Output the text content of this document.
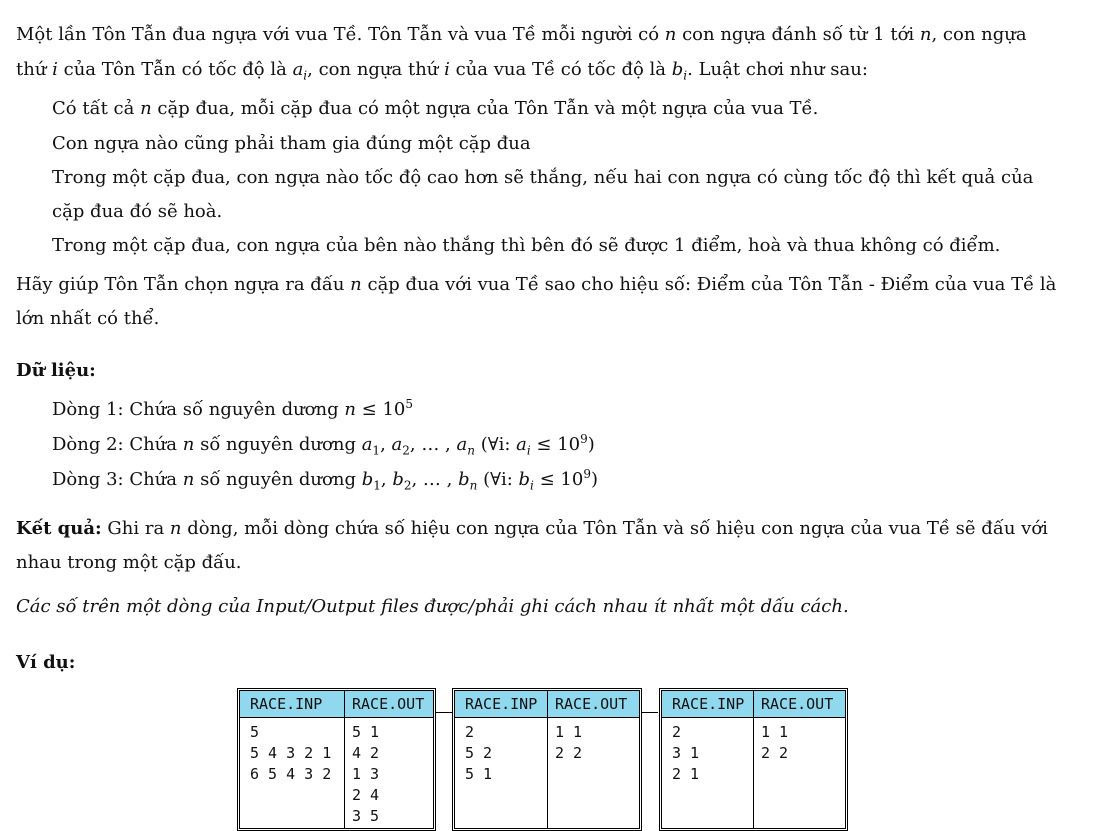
Một lần Tôn Tẫn đua ngựa với vua Tề. Tôn Tẫn và vua Tề mỗi người có n con ngựa đánh số từ 1 tới n, con ngựa
thứ i của Tôn Tẫn có tốc độ là $a_i$, con ngựa thứ i của vua Tề có tốc độ là $b_i$. Luật chơi như sau:
Có tất cả n cặp đua, mỗi cặp đua có một ngựa của Tôn Tẫn và một ngựa của vua Tề.
Con ngựa nào cũng phải tham gia đúng một cặp đua
Trong một cặp đua, con ngựa nào tốc độ cao hơn sẽ thắng, nếu hai con ngựa có cùng tốc độ thì kết quả của
cặp đua đó sẽ hoà.
Trong một cặp đua, con ngựa của bên nào thắng thì bên đó sẽ được 1 điểm, hoà và thua không có điểm.
Hãy giúp Tôn Tẫn chọn ngựa ra đấu n cặp đua với vua Tề sao cho hiệu số: Điểm của Tôn Tẫn - Điểm của vua Tề là
lớn nhất có thể.
Dữ liệu:
Dòng 1: Chứa số nguyên dương $n \le 10^5$
Dòng 2: Chứa n số nguyên dương $a_1$, $a_2$, … , $a_n$ (∀i: $a_i \le 10^9$)
Dòng 3: Chứa n số nguyên dương $b_1$, $b_2$, … , $b_n$ (∀i: $b_i \le 10^9$)
Kết quả: Ghi ra n dòng, mỗi dòng chứa số hiệu con ngựa của Tôn Tẫn và số hiệu con ngựa của vua Tề sẽ đấu với
nhau trong một cặp đấu.
Các số trên một dòng của Input/Output files được/phải ghi cách nhau ít nhất một dấu cách.
Ví dụ:
RACE.INP RACE.OUT
5
5 4 3 2 1
6 5 4 3 2
5 1
4 2
1 3
2 4
3 5
RACE.INP RACE.OUT
2
5 2
5 1
1 1
2 2
RACE.INP RACE.OUT
2
3 1
2 1
1 1
2 2
